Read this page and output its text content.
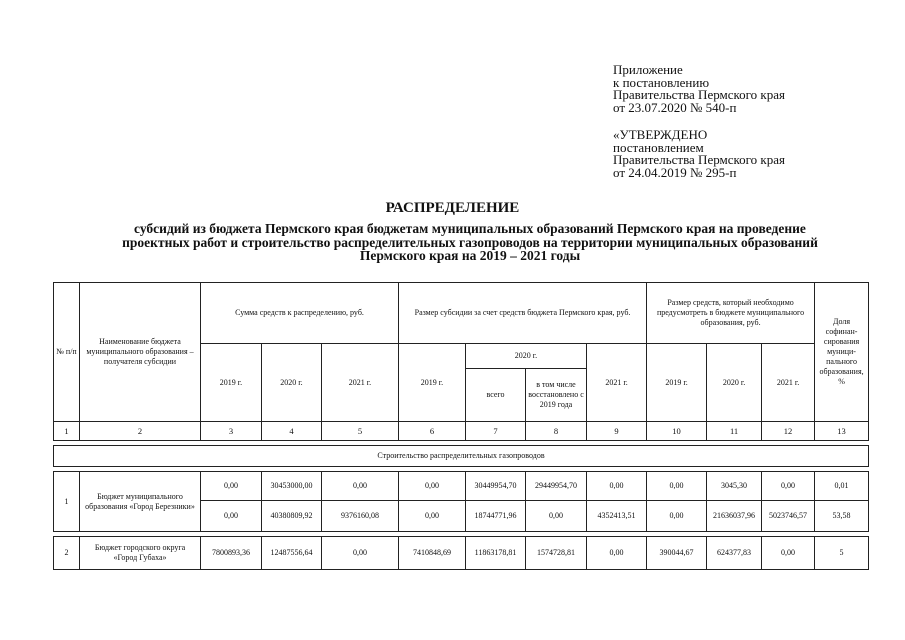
Приложение
к постановлению
Правительства Пермского края
от 23.07.2020 № 540-п
«УТВЕРЖДЕНО
постановлением
Правительства Пермского края
от 24.04.2019 № 295-п
РАСПРЕДЕЛЕНИЕ
субсидий из бюджета Пермского края бюджетам муниципальных образований Пермского края на проведение проектных работ и строительство распределительных газопроводов на территории муниципальных образований Пермского края на 2019 – 2021 годы
№ п/п	Наименование бюджета муниципального образования – получателя субсидии	Сумма средств к распределению, руб.			Размер субсидии за счет средств бюджета Пермского края, руб.				Размер средств, который необходимо предусмотреть в бюджете муниципального образования, руб.			Доля софинан-сирования муници-пального образования, %
		2019 г.	2020 г.	2021 г.	2019 г.	2020 г.		2021 г.	2019 г.	2020 г.	2021 г.	
						всего	в том числе восстановлено с 2019 года					
1	2	3	4	5	6	7	8	9	10	11	12	13

Строительство распределительных газопроводов												

1	Бюджет муниципального образования «Город Березники»	0,00	30453000,00	0,00	0,00	30449954,70	29449954,70	0,00	0,00	3045,30	0,00	0,01
		0,00	40380809,92	9376160,08	0,00	18744771,96	0,00	4352413,51	0,00	21636037,96	5023746,57	53,58

2	Бюджет городского округа «Город Губаха»	7800893,36	12487556,64	0,00	7410848,69	11863178,81	1574728,81	0,00	390044,67	624377,83	0,00	5
